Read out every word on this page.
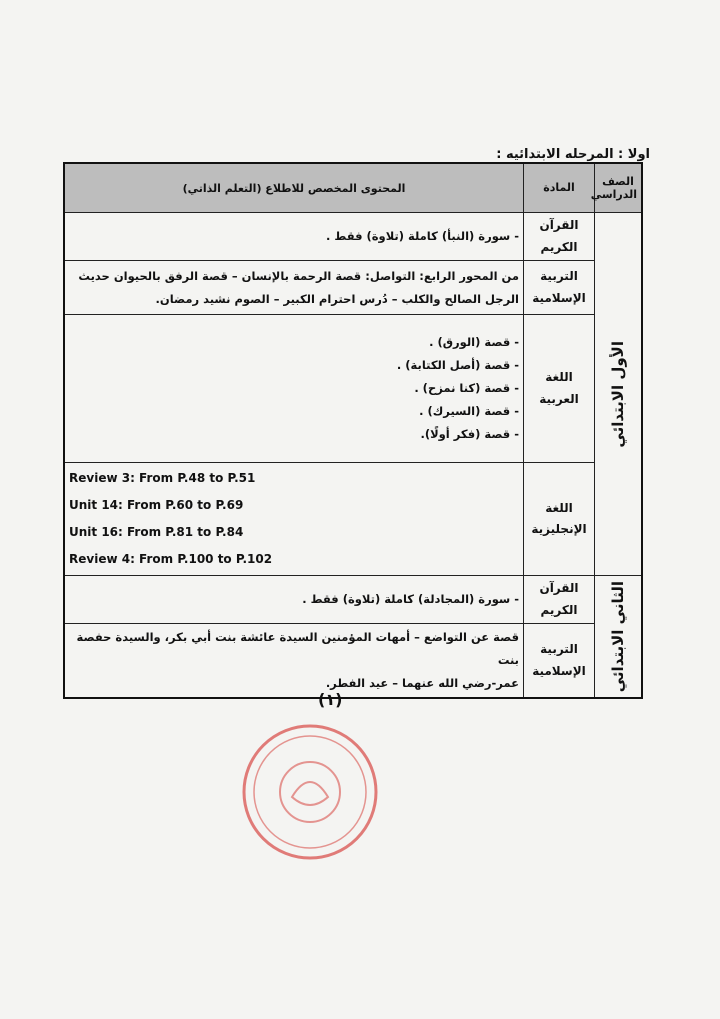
اولا : المرحله الابتدائيه :
الصف الدراسي	المادة	المحتوى المخصص للاطلاع (التعلم الذاتي)

الأول الابتدائي	القرآن الكريم	- سورة (النبأ) كاملة (تلاوة) فقط .

	التربية الإسلامية	من المحور الرابع: التواصل: قصة الرحمة بالإنسان – قصة الرفق بالحيوان حديث
الرجل الصالح والكلب – دُرس احترام الكبير – الصوم نشيد رمضان.

	اللغة العربية	- قصة (الورق) .
- قصة (أصل الكتابة) .
- قصة (كنا نمزح) .
- قصة (السيرك) .
- قصة (فكر أولًا).

	اللغة الإنجليزية	Review 3: From P.48 to P.51
Unit 14: From P.60 to P.69
Unit 16: From P.81 to P.84
Review 4: From P.100 to P.102

الثاني الابتدائي	القرآن الكريم	- سورة (المجادلة) كاملة (تلاوة) فقط .

	التربية الإسلامية	قصة عن التواضع – أمهات المؤمنين السيدة عائشة بنت أبي بكر، والسيدة حفصة بنت
عمر-رضي الله عنهما – عيد الفطر.
(١)
